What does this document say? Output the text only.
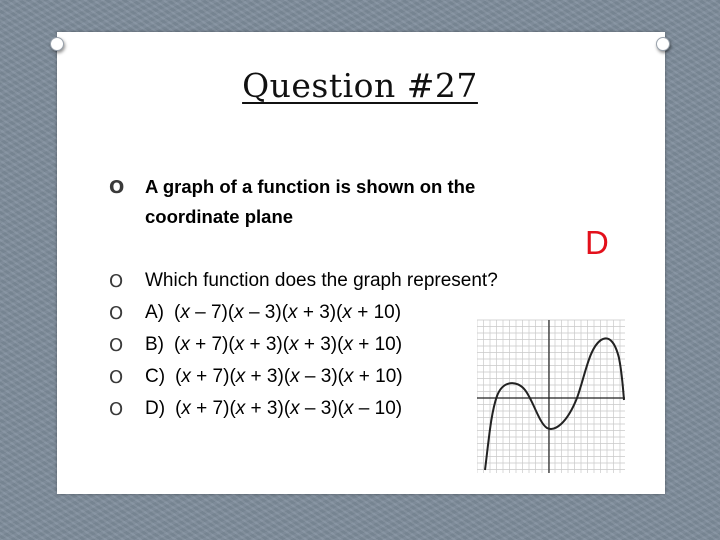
Question #27
O A graph of a function is shown on the
coordinate plane
D
O Which function does the graph represent?
O A) (x – 7)(x – 3)(x + 3)(x + 10)
O B) (x + 7)(x + 3)(x + 3)(x + 10)
O C) (x + 7)(x + 3)(x – 3)(x + 10)
O D) (x + 7)(x + 3)(x – 3)(x – 10)
